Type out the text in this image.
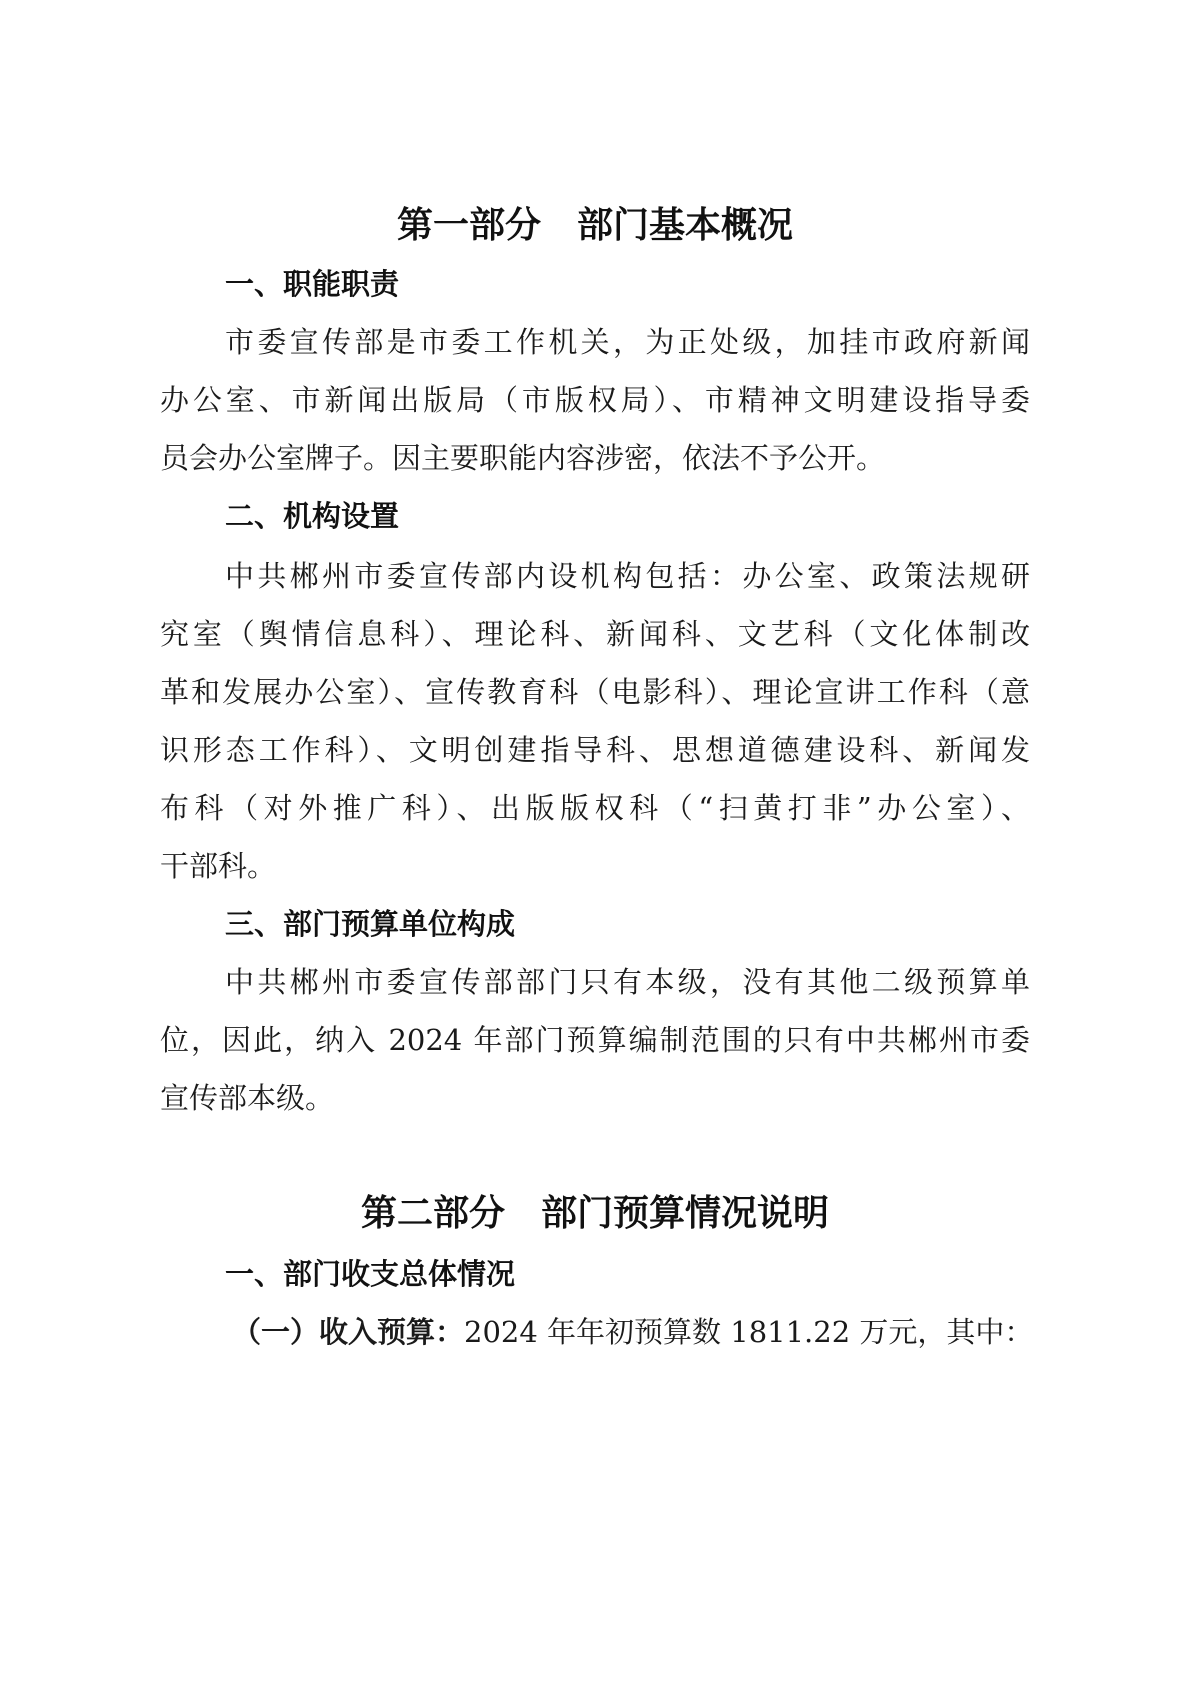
第一部分　部门基本概况
一、职能职责
市委宣传部是市委工作机关，为正处级，加挂市政府新闻
办公室、市新闻出版局（市版权局）、市精神文明建设指导委
员会办公室牌子。因主要职能内容涉密，依法不予公开。
二、机构设置
中共郴州市委宣传部内设机构包括：办公室、政策法规研
究室（舆情信息科）、理论科、新闻科、文艺科（文化体制改
革和发展办公室）、宣传教育科（电影科）、理论宣讲工作科（意
识形态工作科）、文明创建指导科、思想道德建设科、新闻发
布科（对外推广科）、出版版权科（“扫黄打非”办公室）、
干部科。
三、部门预算单位构成
中共郴州市委宣传部部门只有本级，没有其他二级预算单
位，因此，纳入 2024 年部门预算编制范围的只有中共郴州市委
宣传部本级。
第二部分　部门预算情况说明
一、部门收支总体情况
（一）收入预算：2024 年年初预算数 1811.22 万元，其中：
